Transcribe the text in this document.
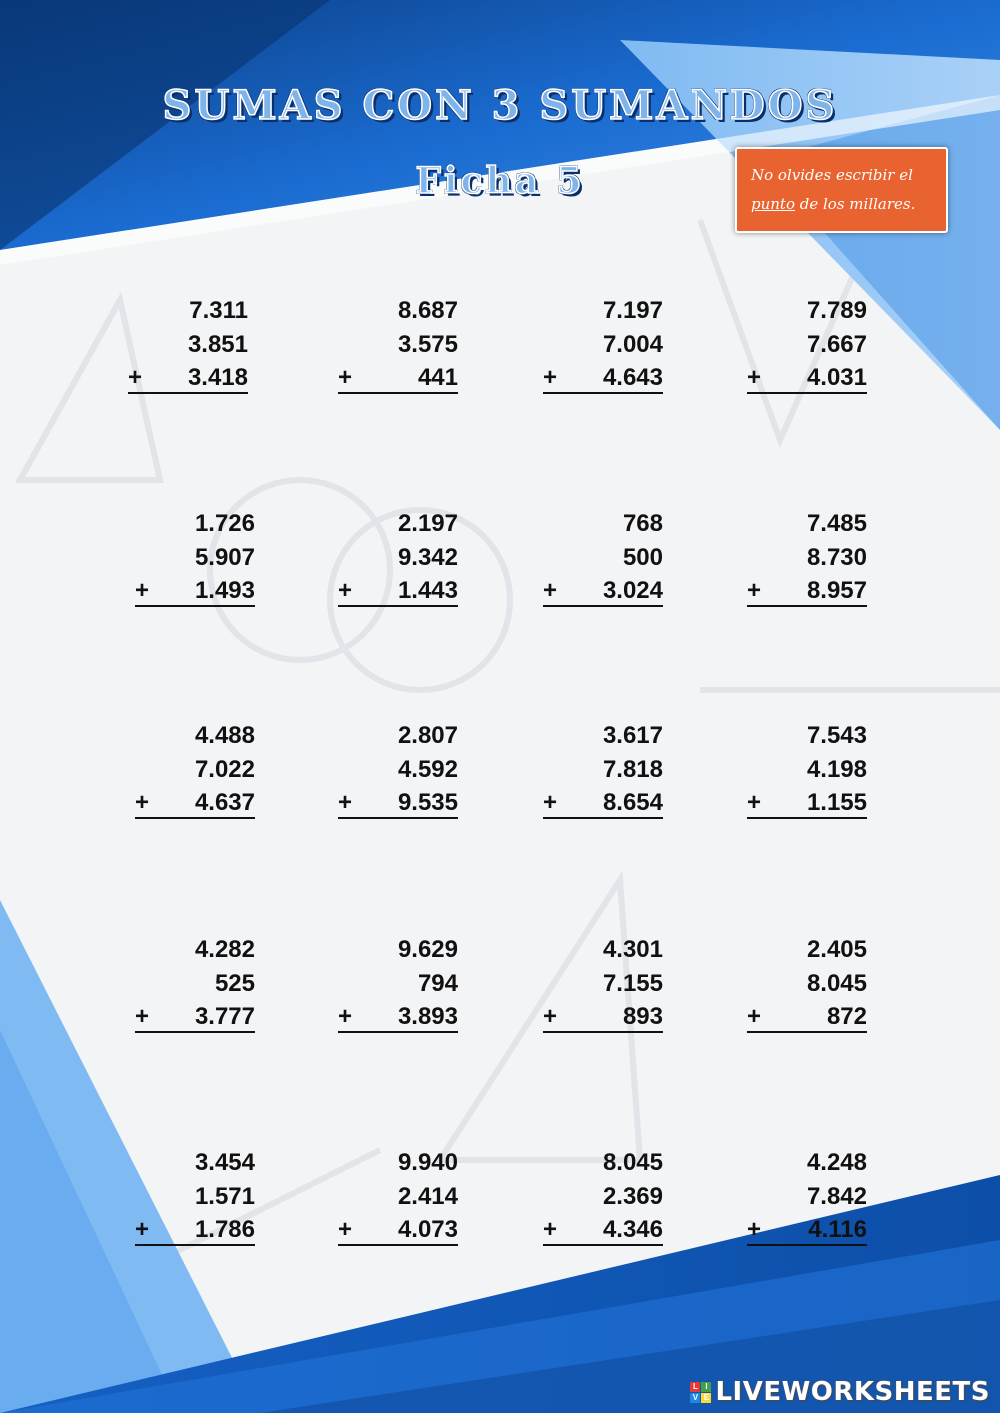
SUMAS CON 3 SUMANDOS
Ficha 5	No olvides escribir el
punto de los millares.
7.311
3.851
+ 3.418
8.687
3.575
+	441
7.197
7.004
+ 4.643
7.789
7.667
+ 4.031
1.726
5.907
+ 1.493
2.197
9.342
+ 1.443
768
500
+ 3.024
7.485
8.730
+ 8.957
4.488
7.022
+ 4.637
2.807
4.592
+ 9.535
3.617
7.818
+ 8.654
7.543
4.198
+ 1.155
4.282
525
+ 3.777
9.629
794
+ 3.893
4.301
7.155
+	893
2.405
8.045
+	872
3.454
1.571
+ 1.786
9.940
2.414
+ 4.073
8.045
2.369
+ 4.346
4.248
7.842
+ 4.116
L I
V E LIVEWORKSHEETS
